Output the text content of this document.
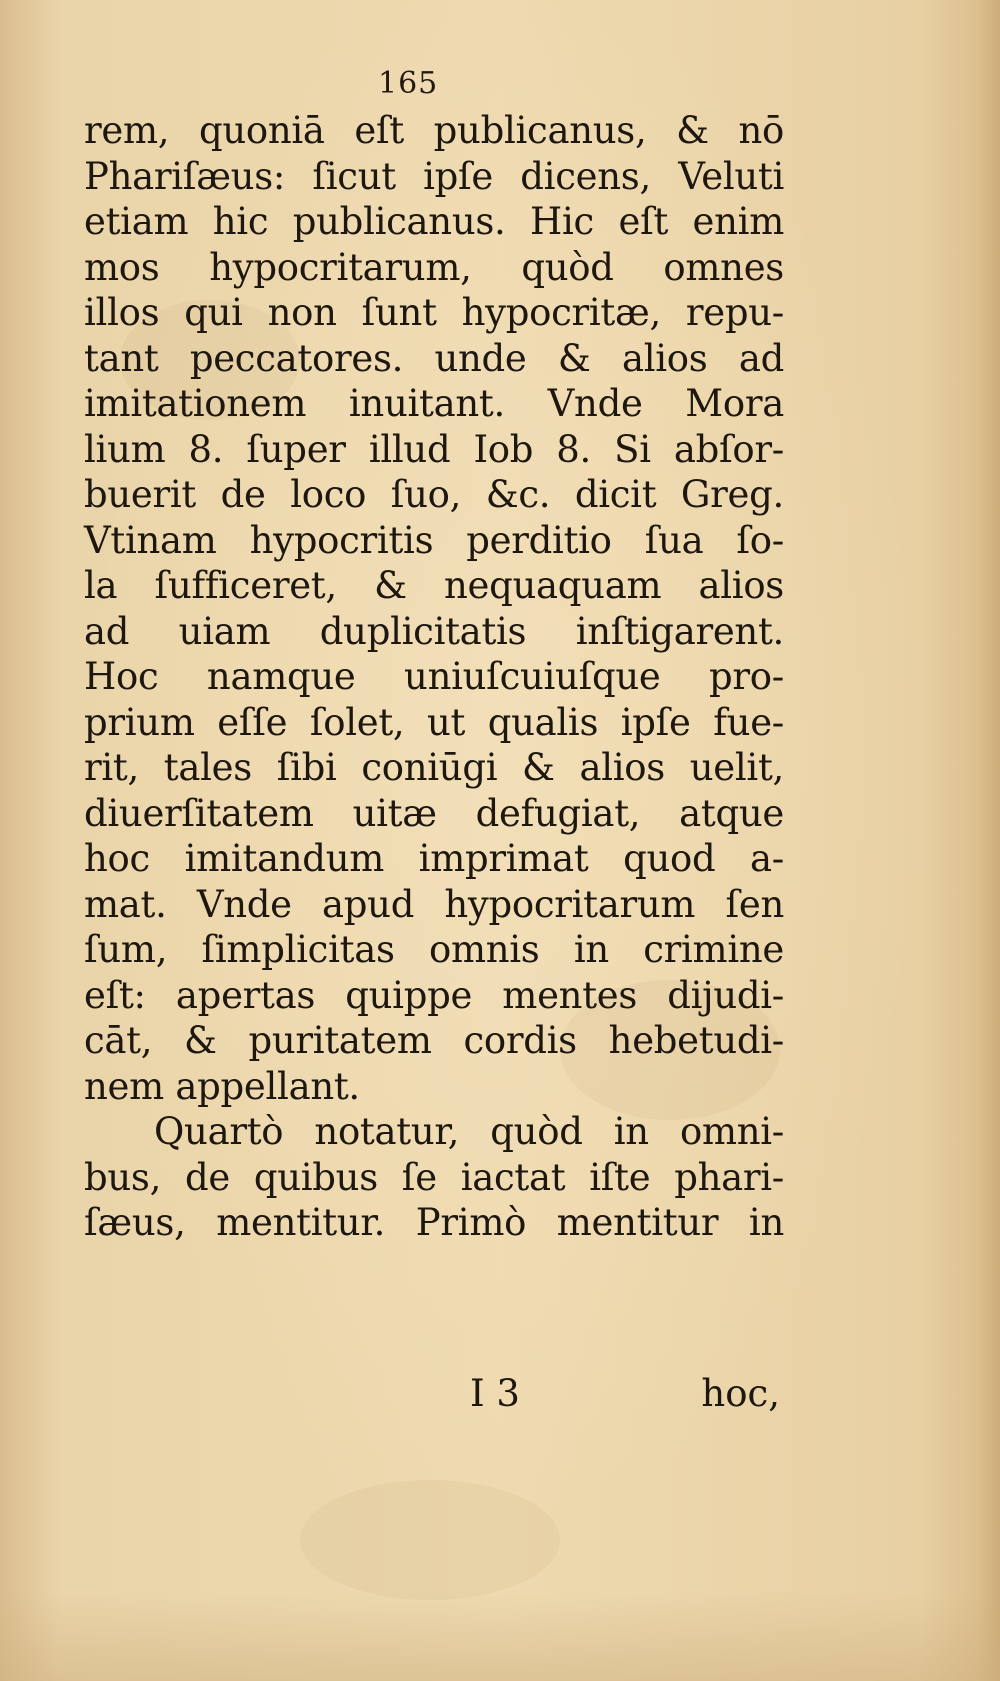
165
rem, quoniā eſt publicanus, & nō
Phariſæus: ſicut ipſe dicens, Veluti
etiam hic publicanus. Hic eſt enim
mos hypocritarum, quòd omnes
illos qui non ſunt hypocritæ, repu-
tant peccatores. unde & alios ad
imitationem inuitant. Vnde Mora
lium 8. ſuper illud Iob 8. Si abſor-
buerit de loco ſuo, &c. dicit Greg.
Vtinam hypocritis perditio ſua ſo-
la ſufficeret, & nequaquam alios
ad uiam duplicitatis inſtigarent.
Hoc namque uniuſcuiuſque pro-
prium eſſe ſolet, ut qualis ipſe fue-
rit, tales ſibi coniūgi & alios uelit,
diuerſitatem uitæ defugiat, atque
hoc imitandum imprimat quod a-
mat. Vnde apud hypocritarum ſen
ſum, ſimplicitas omnis in crimine
eſt: apertas quippe mentes dijudi-
cāt, & puritatem cordis hebetudi-
nem appellant.
Quartò notatur, quòd in omni-
bus, de quibus ſe iactat iſte phari-
ſæus, mentitur. Primò mentitur in
I 3	hoc,
